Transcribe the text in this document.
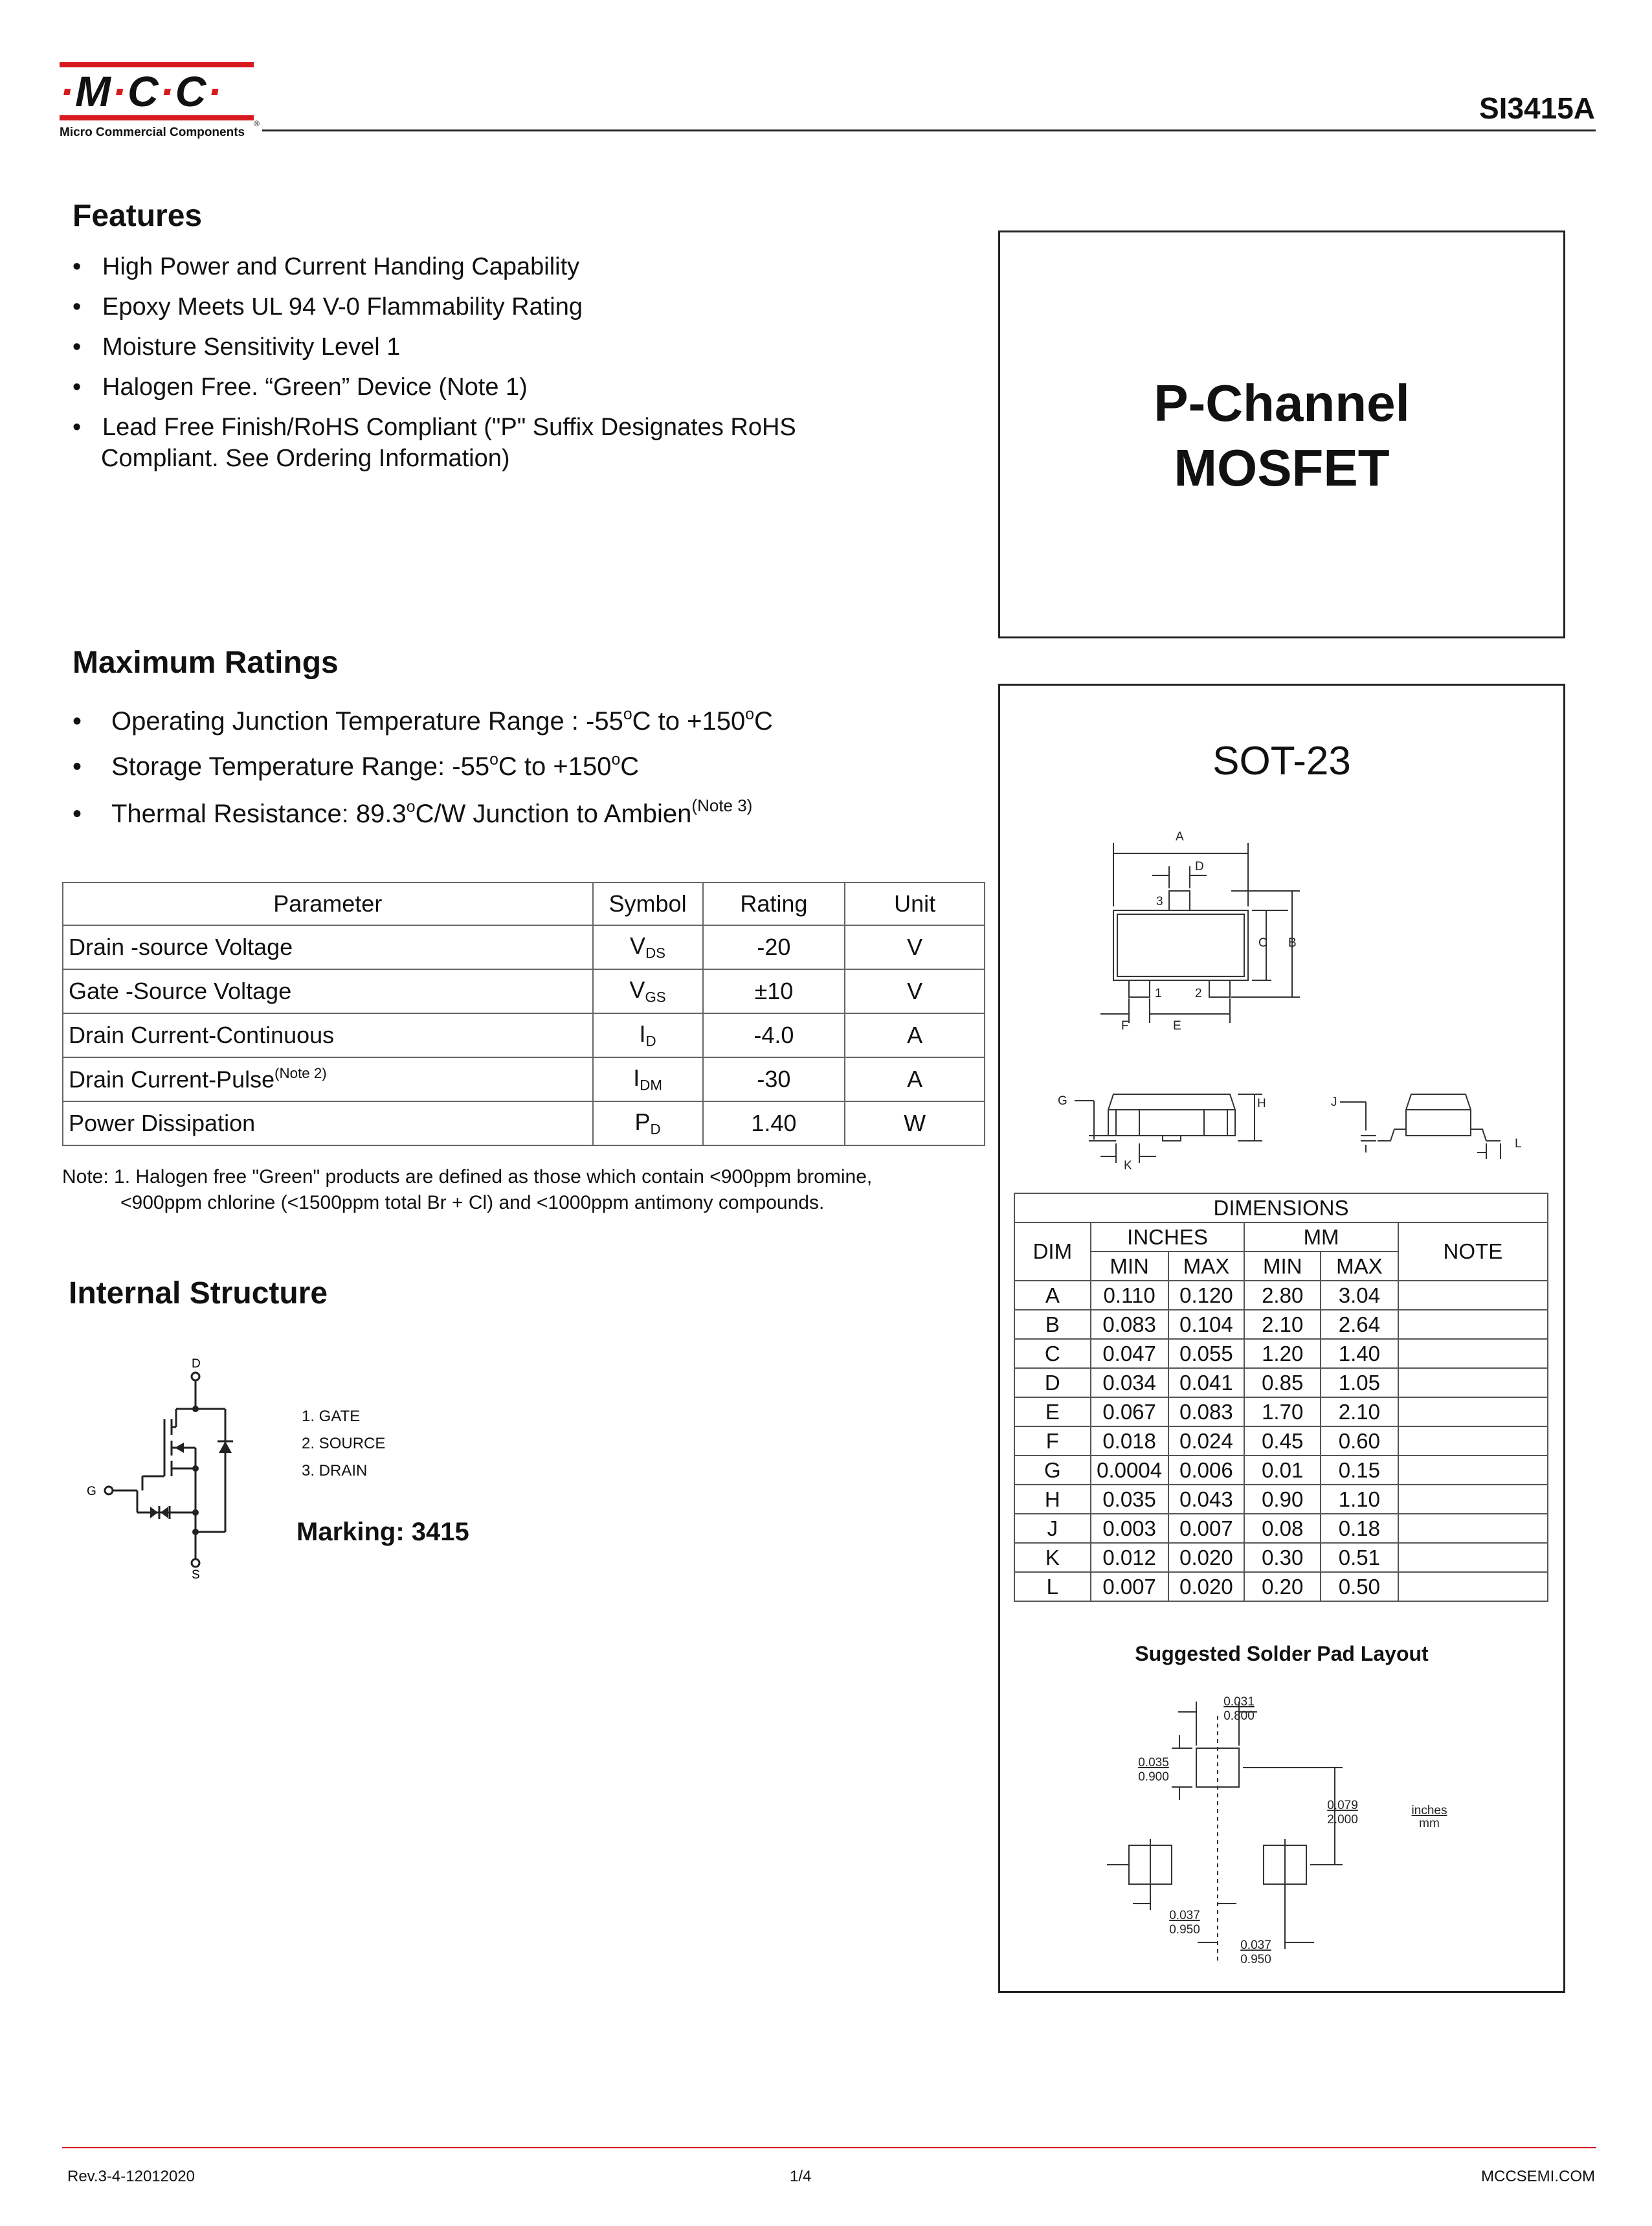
·M·C·C·
Micro Commercial Components
®	SI3415A
Features
• High Power and Current Handing Capability
• Epoxy Meets UL 94 V-0 Flammability Rating
• Moisture Sensitivity Level 1
• Halogen Free. “Green” Device (Note 1)
• Lead Free Finish/RoHS Compliant ("P" Suffix Designates RoHS
Compliant. See Ordering Information)
P-Channel
MOSFET
Maximum Ratings
• Operating Junction Temperature Range : -55$^o$C to $+150^oC$
• Storage Temperature Range: -55$^o$C to $+150^oC$
• Thermal Resistance: 89.3$^o$C/W Junction to Ambien$^{(Note 3)}$
Parameter	Symbol	Rating	Unit
Drain -source Voltage	$V_{DS}$	-20	V
Gate -Source Voltage	$V_{GS}$	±10	V
Drain Current-Continuous	$I_D$	-4.0	A
Drain Current-Pulse$^{(Note 2)}$	$I_{DM}$	-30	A
Power Dissipation	$P_D$	1.40	W
Note: 1. Halogen free "Green" products are defined as those which contain <900ppm bromine,
<900ppm chlorine (<1500ppm total Br + Cl) and <1000ppm antimony compounds.
Internal Structure
D
G
S
1. GATE
2. SOURCE
3. DRAIN
Marking: 3415
SOT-23
A
D
3
C B
1	2
F	E
G	H
K
J
L
DIMENSIONS					
DIM	INCHES		MM		NOTE
	MIN	MAX	MIN	MAX	
A	0.110	0.120	2.80	3.04	
B	0.083	0.104	2.10	2.64	
C	0.047	0.055	1.20	1.40	
D	0.034	0.041	0.85	1.05	
E	0.067	0.083	1.70	2.10	
F	0.018	0.024	0.45	0.60	
G	0.0004	0.006	0.01	0.15	
H	0.035	0.043	0.90	1.10	
J	0.003	0.007	0.08	0.18	
K	0.012	0.020	0.30	0.51	
L	0.007	0.020	0.20	0.50	
Suggested Solder Pad Layout
0.031
0.800
0.035
0.900
0.079
2.000
0.037
0.950
0.037
0.950
inches
mm
Rev.3-4-12012020	1/4	MCCSEMI.COM
